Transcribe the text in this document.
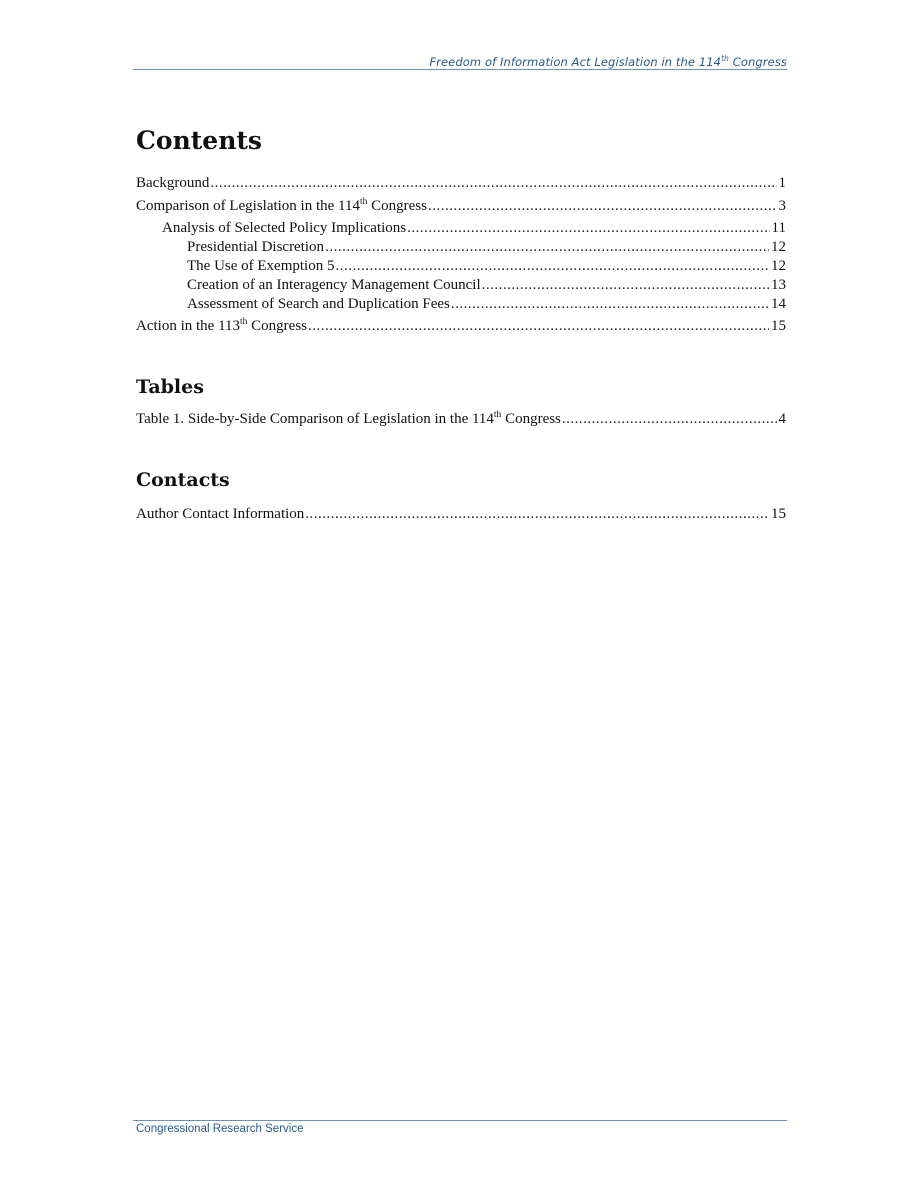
Freedom of Information Act Legislation in the 114th Congress
Contents
Background .....	1
Comparison of Legislation in the 114th Congress .....	3
Analysis of Selected Policy Implications .....	11
Presidential Discretion .....	12
The Use of Exemption 5 .....	12
Creation of an Interagency Management Council .....	13
Assessment of Search and Duplication Fees .....	14
Action in the 113th Congress .....	15
Tables
Table 1. Side-by-Side Comparison of Legislation in the 114th Congress .....	4
Contacts
Author Contact Information .....	15
Congressional Research Service
